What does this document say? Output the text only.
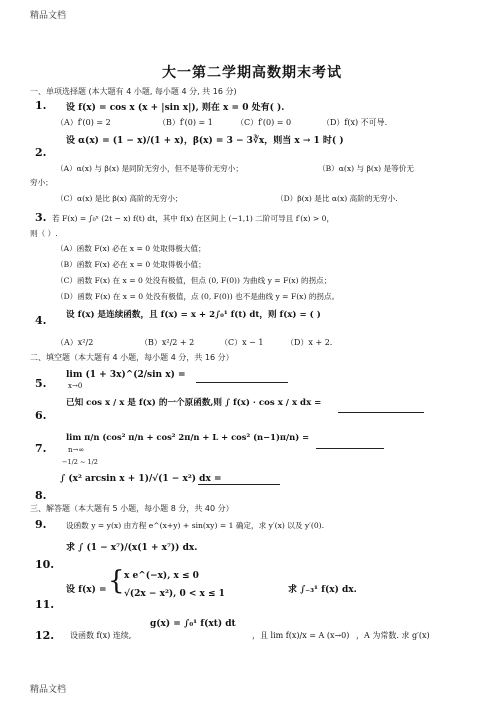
精品文档
大一第二学期高数期末考试
一、单项选择题 (本大题有 4 小题, 每小题 4 分, 共 16 分)
1. 设 f(x) = cos x (x + |sin x|), 则在 x = 0 处有( ).
（A）f′(0) = 2	（B）f′(0) = 1	（C）f′(0) = 0	（D）f(x) 不可导.
设 α(x) = (1 − x)/(1 + x)，β(x) = 3 − 3∛x，则当 x → 1 时( )
2.
（A）α(x) 与 β(x) 是同阶无穷小，但不是等价无穷小；	（B）α(x) 与 β(x) 是等价无
穷小；
（C）α(x) 是比 β(x) 高阶的无穷小；	（D）β(x) 是比 α(x) 高阶的无穷小.
3. 若 F(x) = ∫₀ˣ (2t − x) f(t) dt，其中 f(x) 在区间上 (−1,1) 二阶可导且 f′(x) > 0，
则（ ）.
（A）函数 F(x) 必在 x = 0 处取得极大值；
（B）函数 F(x) 必在 x = 0 处取得极小值；
（C）函数 F(x) 在 x = 0 处没有极值，但点 (0, F(0)) 为曲线 y = F(x) 的拐点；
（D）函数 F(x) 在 x = 0 处没有极值，点 (0, F(0)) 也不是曲线 y = F(x) 的拐点。
设 f(x) 是连续函数，且 f(x) = x + 2∫₀¹ f(t) dt，则 f(x) = ( )
4.
（A）x²/2	（B）x²/2 + 2	（C）x − 1	（D）x + 2.
二、填空题（本大题有 4 小题，每小题 4 分，共 16 分）
5.
lim (1 + 3x)^(2/sin x) =
x→0
已知 cos x / x 是 f(x) 的一个原函数,则 ∫ f(x) · cos x / x dx =
6.
7.
lim π/n (cos² π/n + cos² 2π/n + L + cos² (n−1)π/n) =
n→∞
−1/2 ~ 1/2
∫ (x² arcsin x + 1)/√(1 − x²) dx =
8.
三、解答题（本大题有 5 小题，每小题 8 分，共 40 分）
9.	设函数 y = y(x) 由方程 e^(x+y) + sin(xy) = 1 确定，求 y′(x) 以及 y′(0).
求 ∫ (1 − x⁷)/(x(1 + x⁷)) dx.
10.
设 f(x) = { x e^(−x), x ≤ 0
√(2x − x²), 0 < x ≤ 1	求 ∫₋₃¹ f(x) dx.
11.
12. 设函数 f(x) 连续,
g(x) = ∫₀¹ f(xt) dt
，且 lim f(x)/x = A (x→0) ，A 为常数. 求 g′(x)
精品文档
